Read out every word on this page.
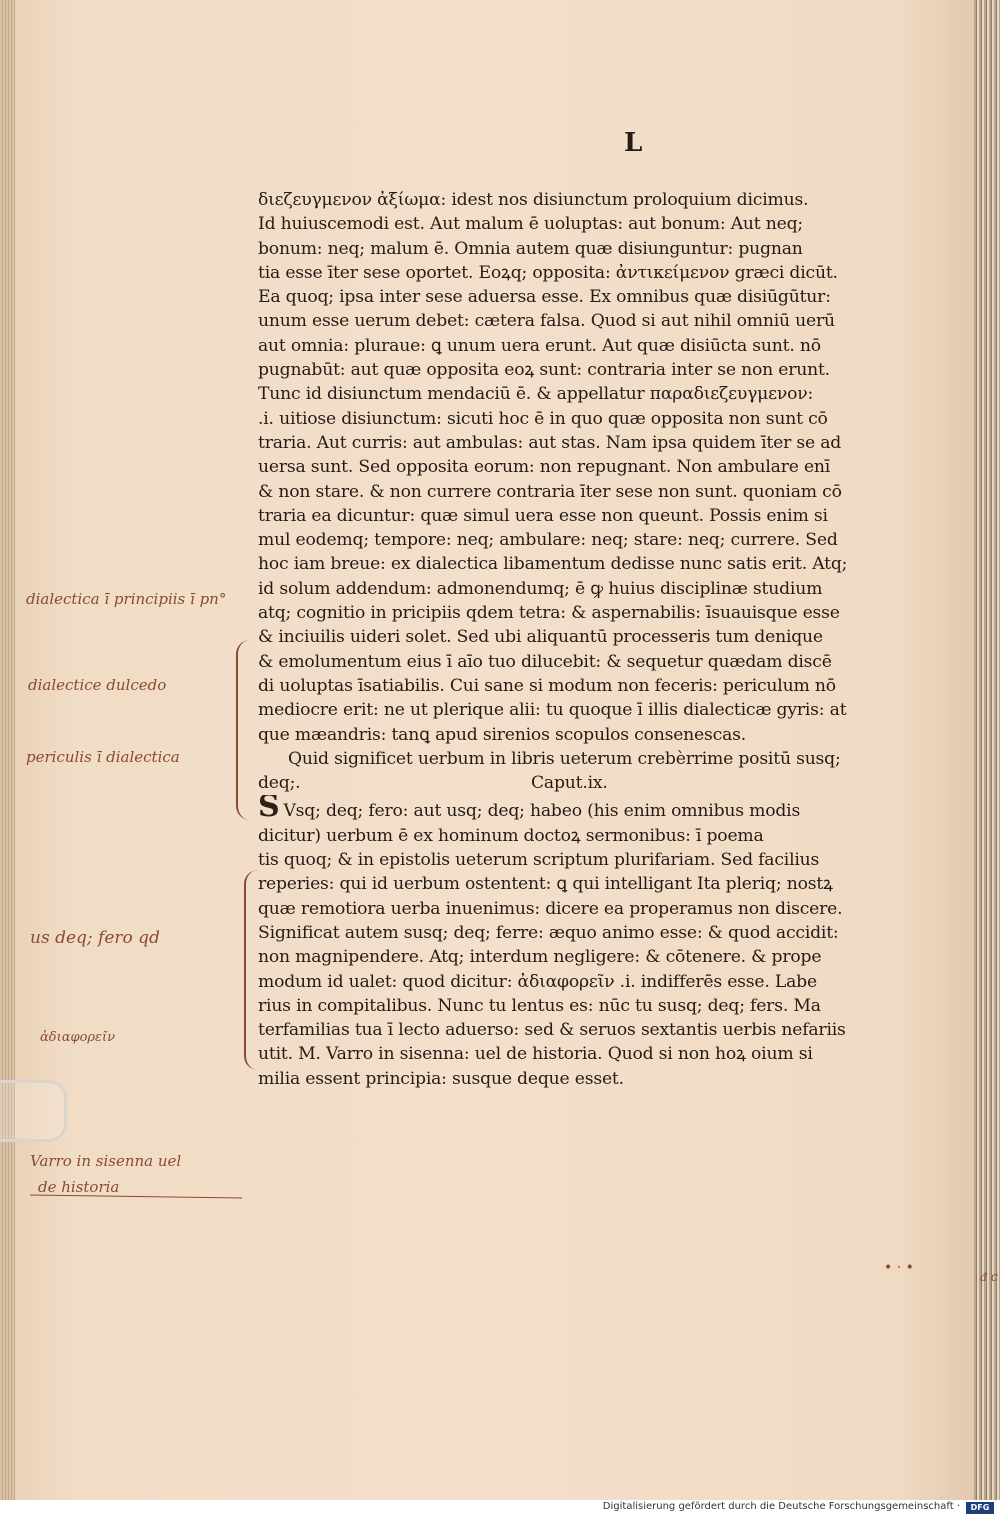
L
διεζευγμενον ἀξίωμα: idest nos disiunctum proloquium dicimus.
Id huiuscemodi est. Aut malum ē uoluptas: aut bonum: Aut neq;
bonum: neq; malum ē. Omnia autem quæ disiunguntur: pugnan
tia esse īter sese oportet. Eoꝝq; opposita: ἀντικείμενον græci dicūt.
Ea quoq; ipsa inter sese aduersa esse. Ex omnibus quæ disiūgūtur:
unum esse uerum debet: cætera falsa. Quod si aut nihil omniū uerū
aut omnia: pluraue: ꝗ unum uera erunt. Aut quæ disiūcta sunt. nō
pugnabūt: aut quæ opposita eoꝝ sunt: contraria inter se non erunt.
Tunc id disiunctum mendaciū ē. & appellatur παραδιεζευγμενον:
.i. uitiose disiunctum: sicuti hoc ē in quo quæ opposita non sunt cō
traria. Aut curris: aut ambulas: aut stas. Nam ipsa quidem īter se ad
uersa sunt. Sed opposita eorum: non repugnant. Non ambulare enī
& non stare. & non currere contraria īter sese non sunt. quoniam cō
traria ea dicuntur: quæ simul uera esse non queunt. Possis enim si
mul eodemq; tempore: neq; ambulare: neq; stare: neq; currere. Sed
hoc iam breue: ex dialectica libamentum dedisse nunc satis erit. Atq;
id solum addendum: admonendumq; ē ꝙ huius disciplinæ studium
atq; cognitio in pricipiis qdem tetra: & aspernabilis: īsuauisque esse
& inciuilis uideri solet. Sed ubi aliquantū processeris tum denique
& emolumentum eius ī aīo tuo dilucebit: & sequetur quædam discē
di uoluptas īsatiabilis. Cui sane si modum non feceris: periculum nō
mediocre erit: ne ut plerique alii: tu quoque ī illis dialecticæ gyris: at
que mæandris: tanꝗ apud sirenios scopulos consenescas.
Quid significet uerbum in libris ueterum crebèrrime positū susq;
deq;.	Caput.ix.
S Vsq; deq; fero: aut usq; deq; habeo (his enim omnibus modis
dicitur) uerbum ē ex hominum doctoꝝ sermonibus: ī poema
tis quoq; & in epistolis ueterum scriptum plurifariam. Sed facilius
reperies: qui id uerbum ostentent: ꝗ qui intelligant Ita pleriq; nostꝝ
quæ remotiora uerba inuenimus: dicere ea properamus non discere.
Significat autem susq; deq; ferre: æquo animo esse: & quod accidit:
non magnipendere. Atq; interdum negligere: & cōtenere. & prope
modum id ualet: quod dicitur: ἀδιαφορεῖν .i. indifferēs esse. Labe
rius in compitalibus. Nunc tu lentus es: nūc tu susq; deq; fers. Ma
terfamilias tua ī lecto aduerso: sed & seruos sextantis uerbis nefariis
utit. M. Varro in sisenna: uel de historia. Quod si non hoꝝ oium si
milia essent principia: susque deque esset.
dialectica ī principiis ī pn°
dialectice dulcedo
periculis ī dialectica
us deq; fero qd
ἀδιαφορεῖν
Varro in sisenna uel
de historia
• ‧ •
ᵭ c
Digitalisierung gefördert durch die Deutsche Forschungsgemeinschaft ·	DFG
